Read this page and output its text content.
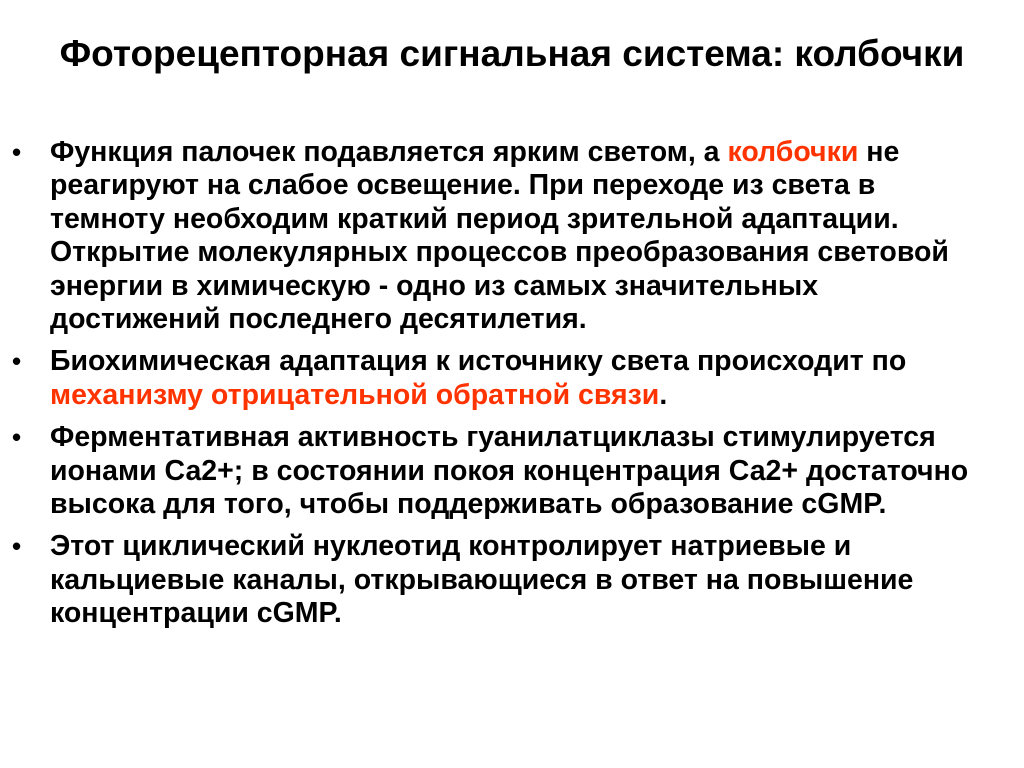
Фоторецепторная сигнальная система: колбочки
•	Функция палочек подавляется ярким светом, а колбочки не реагируют на слабое освещение. При переходе из света в темноту необходим краткий период зрительной адаптации. Открытие молекулярных процессов преобразования световой энергии в химическую - одно из самых значительных достижений последнего десятилетия.
•	Биохимическая адаптация к источнику света происходит по механизму отрицательной обратной связи.
•	Ферментативная активность гуанилатциклазы стимулируется ионами Са2+; в состоянии покоя концентрация Са2+ достаточно высока для того, чтобы поддерживать образование cGMP.
•	Этот циклический нуклеотид контролирует натриевые и кальциевые каналы, открывающиеся в ответ на повышение концентрации cGMP.
